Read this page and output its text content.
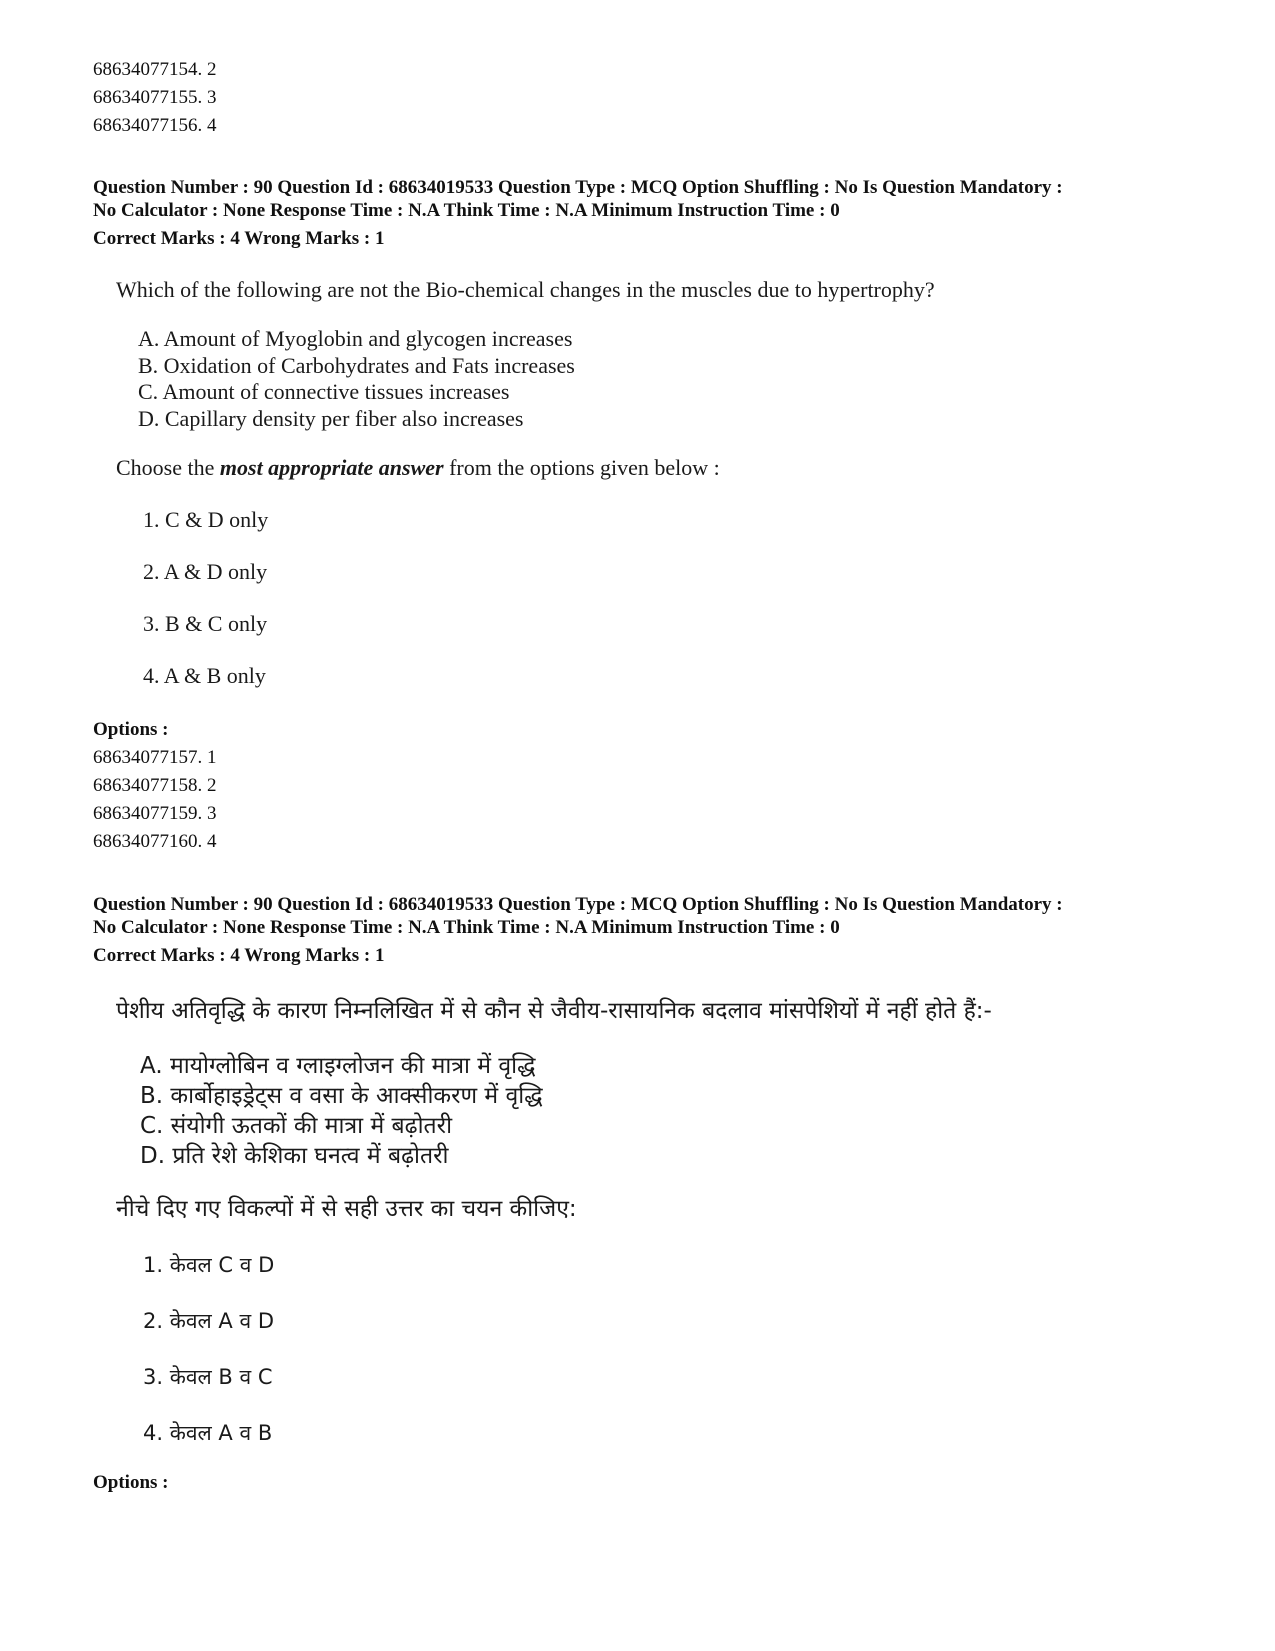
68634077154. 2
68634077155. 3
68634077156. 4
Question Number : 90 Question Id : 68634019533 Question Type : MCQ Option Shuffling : No Is Question Mandatory :
No Calculator : None Response Time : N.A Think Time : N.A Minimum Instruction Time : 0
Correct Marks : 4 Wrong Marks : 1
Which of the following are not the Bio-chemical changes in the muscles due to hypertrophy?
A. Amount of Myoglobin and glycogen increases
B. Oxidation of Carbohydrates and Fats increases
C. Amount of connective tissues increases
D. Capillary density per fiber also increases
Choose the most appropriate answer from the options given below :
1. C & D only
2. A & D only
3. B & C only
4. A & B only
Options :
68634077157. 1
68634077158. 2
68634077159. 3
68634077160. 4
Question Number : 90 Question Id : 68634019533 Question Type : MCQ Option Shuffling : No Is Question Mandatory :
No Calculator : None Response Time : N.A Think Time : N.A Minimum Instruction Time : 0
Correct Marks : 4 Wrong Marks : 1
पेशीय अतिवृद्धि के कारण निम्नलिखित में से कौन से जैवीय-रासायनिक बदलाव मांसपेशियों में नहीं होते हैं:-
A. मायोग्लोबिन व ग्लाइग्लोजन की मात्रा में वृद्धि
B. कार्बोहाइड्रेट्स व वसा के आक्सीकरण में वृद्धि
C. संयोगी ऊतकों की मात्रा में बढ़ोतरी
D. प्रति रेशे केशिका घनत्व में बढ़ोतरी
नीचे दिए गए विकल्पों में से सही उत्तर का चयन कीजिए:
1. केवल C व D
2. केवल A व D
3. केवल B व C
4. केवल A व B
Options :
